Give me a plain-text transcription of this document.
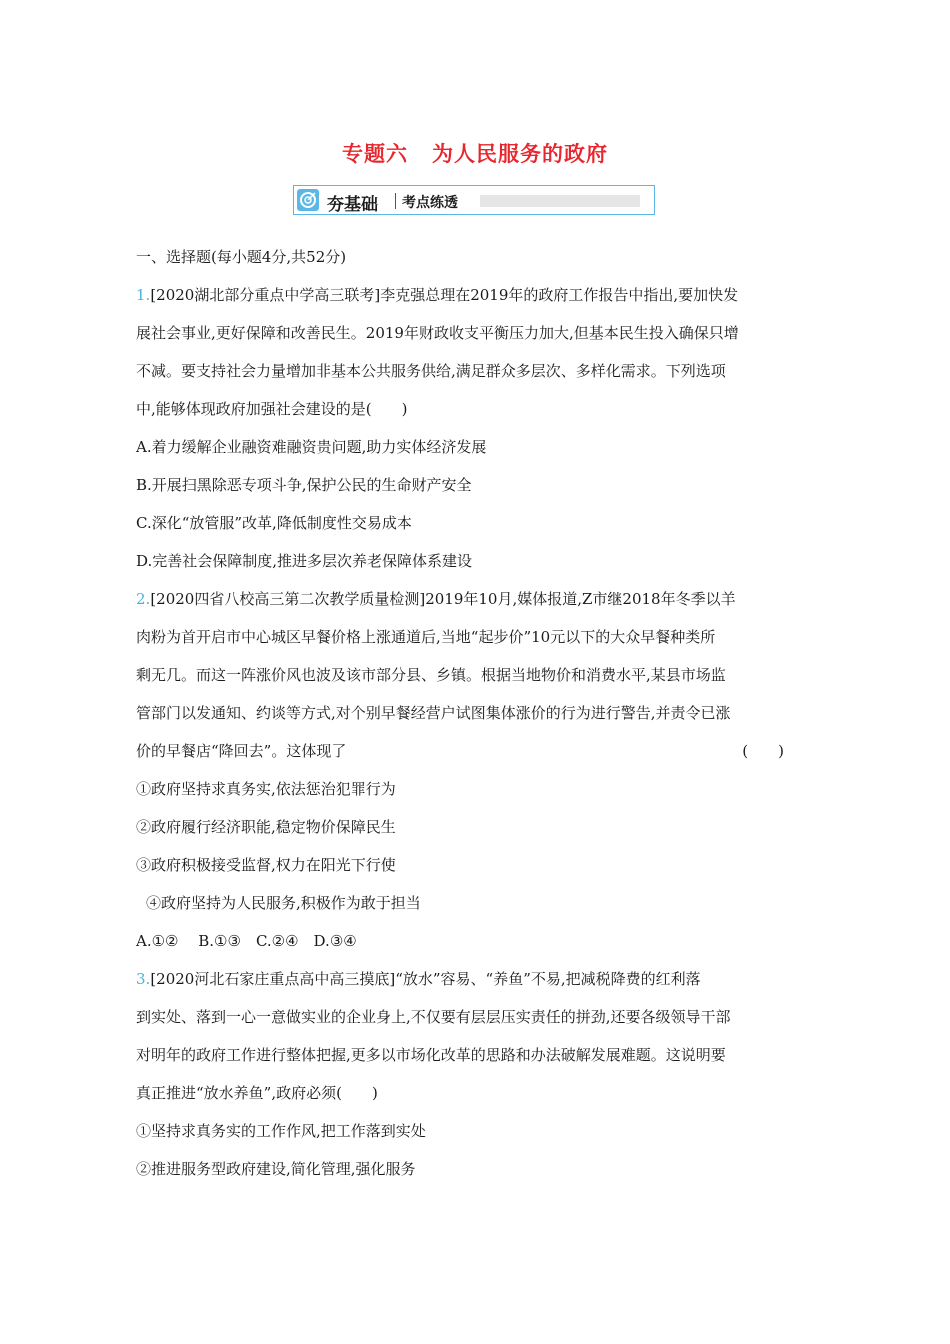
专题六 为人民服务的政府
夯基础 考点练透
一、选择题(每小题4分,共52分)
1.[2020湖北部分重点中学高三联考]李克强总理在2019年的政府工作报告中指出,要加快发
展社会事业,更好保障和改善民生。2019年财政收支平衡压力加大,但基本民生投入确保只增
不减。要支持社会力量增加非基本公共服务供给,满足群众多层次、多样化需求。下列选项
中,能够体现政府加强社会建设的是(　　)
A.着力缓解企业融资难融资贵问题,助力实体经济发展
B.开展扫黑除恶专项斗争,保护公民的生命财产安全
C.深化“放管服”改革,降低制度性交易成本
D.完善社会保障制度,推进多层次养老保障体系建设
2.[2020四省八校高三第二次教学质量检测]2019年10月,媒体报道,Z市继2018年冬季以羊
肉粉为首开启市中心城区早餐价格上涨通道后,当地“起步价”10元以下的大众早餐种类所
剩无几。而这一阵涨价风也波及该市部分县、乡镇。根据当地物价和消费水平,某县市场监
管部门以发通知、约谈等方式,对个别早餐经营户试图集体涨价的行为进行警告,并责令已涨
价的早餐店“降回去”。这体现了	(　　)
①政府坚持求真务实,依法惩治犯罪行为
②政府履行经济职能,稳定物价保障民生
③政府积极接受监督,权力在阳光下行使
④政府坚持为人民服务,积极作为敢于担当
A.①②　 B.①③　C.②④　D.③④
3.[2020河北石家庄重点高中高三摸底]“放水”容易、“养鱼”不易,把减税降费的红利落
到实处、落到一心一意做实业的企业身上,不仅要有层层压实责任的拼劲,还要各级领导干部
对明年的政府工作进行整体把握,更多以市场化改革的思路和办法破解发展难题。这说明要
真正推进“放水养鱼”,政府必须(　　)
①坚持求真务实的工作作风,把工作落到实处
②推进服务型政府建设,简化管理,强化服务
